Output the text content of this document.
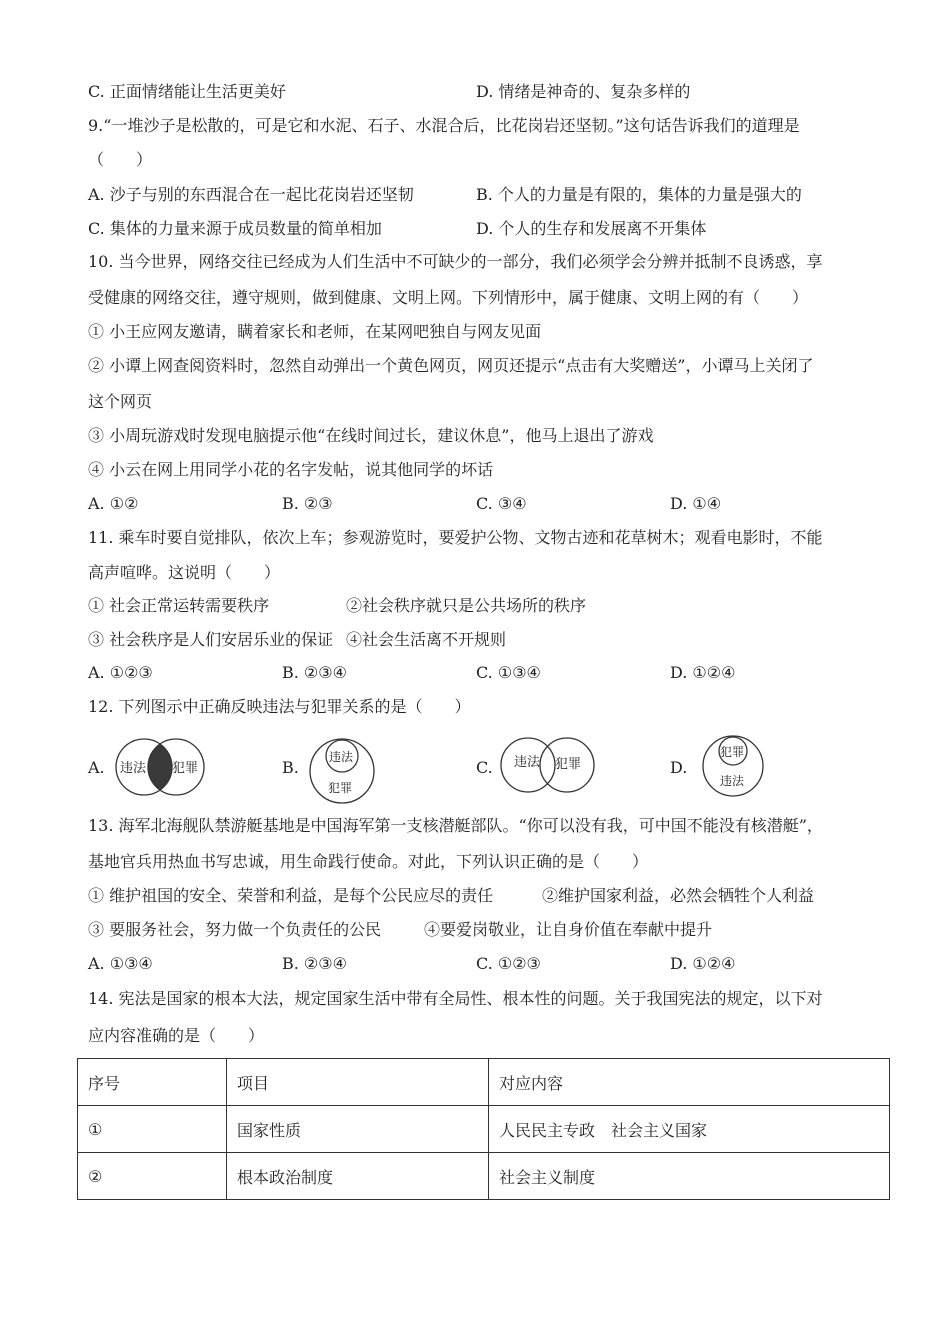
C. 正面情绪能让生活更美好	D. 情绪是神奇的、复杂多样的
9.“一堆沙子是松散的，可是它和水泥、石子、水混合后，比花岗岩还坚韧。”这句话告诉我们的道理是
（　　）
A. 沙子与别的东西混合在一起比花岗岩还坚韧	B. 个人的力量是有限的，集体的力量是强大的
C. 集体的力量来源于成员数量的简单相加	D. 个人的生存和发展离不开集体
10. 当今世界，网络交往已经成为人们生活中不可缺少的一部分，我们必须学会分辨并抵制不良诱惑，享
受健康的网络交往，遵守规则，做到健康、文明上网。下列情形中，属于健康、文明上网的有（　　）
① 小王应网友邀请，瞒着家长和老师，在某网吧独自与网友见面
② 小谭上网查阅资料时，忽然自动弹出一个黄色网页，网页还提示“点击有大奖赠送”，小谭马上关闭了
这个网页
③ 小周玩游戏时发现电脑提示他“在线时间过长，建议休息”，他马上退出了游戏
④ 小云在网上用同学小花的名字发帖，说其他同学的坏话
A. ①②	B. ②③	C. ③④	D. ①④
11. 乘车时要自觉排队，依次上车；参观游览时，要爱护公物、文物古迹和花草树木；观看电影时，不能
高声喧哗。这说明（　　）
① 社会正常运转需要秩序	②社会秩序就只是公共场所的秩序
③ 社会秩序是人们安居乐业的保证 ④社会生活离不开规则
A. ①②③	B. ②③④	C. ①③④	D. ①②④
12. 下列图示中正确反映违法与犯罪关系的是（　　）
A. 违法 犯罪	B.
违法
犯罪
C. 违法 犯罪	D.
犯罪
违法
13. 海军北海舰队禁游艇基地是中国海军第一支核潜艇部队。“你可以没有我，可中国不能没有核潜艇”，
基地官兵用热血书写忠诚，用生命践行使命。对此，下列认识正确的是（　　）
① 维护祖国的安全、荣誉和利益，是每个公民应尽的责任	②维护国家利益，必然会牺牲个人利益
③ 要服务社会，努力做一个负责任的公民	④要爱岗敬业，让自身价值在奉献中提升
A. ①③④	B. ②③④	C. ①②③	D. ①②④
14. 宪法是国家的根本大法，规定国家生活中带有全局性、根本性的问题。关于我国宪法的规定，以下对
应内容准确的是（　　）
序号	项目	对应内容
①	国家性质	人民民主专政　社会主义国家
②	根本政治制度	社会主义制度
